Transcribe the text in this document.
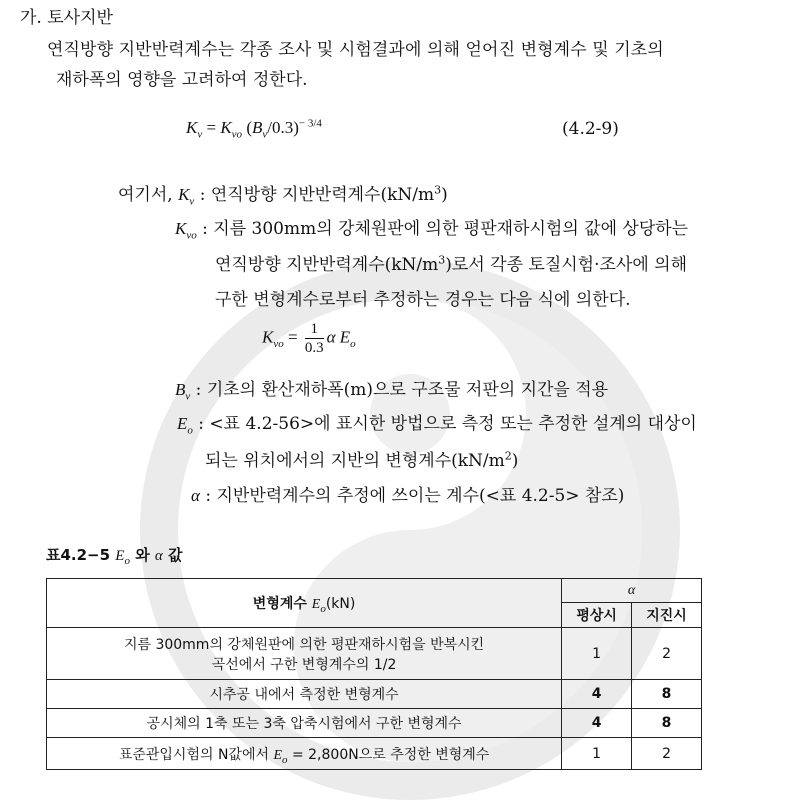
가. 토사지반
연직방향 지반반력계수는 각종 조사 및 시험결과에 의해 얻어진 변형계수 및 기초의
재하폭의 영향을 고려하여 정한다.
$K_v = K_{vo}$ $(B_v/0.3)^{- 3/4}$	(4.2-9)
여기서, $K_v$ : 연직방향 지반반력계수$(kN/m^3)$
$K_{vo}$ : 지름 300mm의 강체원판에 의한 평판재하시험의 값에 상당하는
연직방향 지반반력계수$(kN/m^3)$로서 각종 토질시험·조사에 의해
구한 변형계수로부터 추정하는 경우는 다음 식에 의한다.
$K_{vo} = \frac{1}{0.3}$ α $E_o$
$B_v$ : 기초의 환산재하폭(m)으로 구조물 저판의 지간을 적용
$E_o$ : <표 4.2-56>에 표시한 방법으로 측정 또는 추정한 설계의 대상이
되는 위치에서의 지반의 변형계수$(kN/m^2)$
α : 지반반력계수의 추정에 쓰이는 계수(<표 4.2-5> 참조)
표4.2−5 $E_o$ 와 α 값
변형계수 $E_o(kN)$	α	
	평상시	지진시

지름 300mm의 강체원판에 의한 평판재하시험을 반복시킨
곡선에서 구한 변형계수의 1/2	1	2
시추공 내에서 측정한 변형계수	4	8
공시체의 1축 또는 3축 압축시험에서 구한 변형계수	4	8
표준관입시험의 N값에서 $E_o = 2,800N$으로 추정한 변형계수	1	2
